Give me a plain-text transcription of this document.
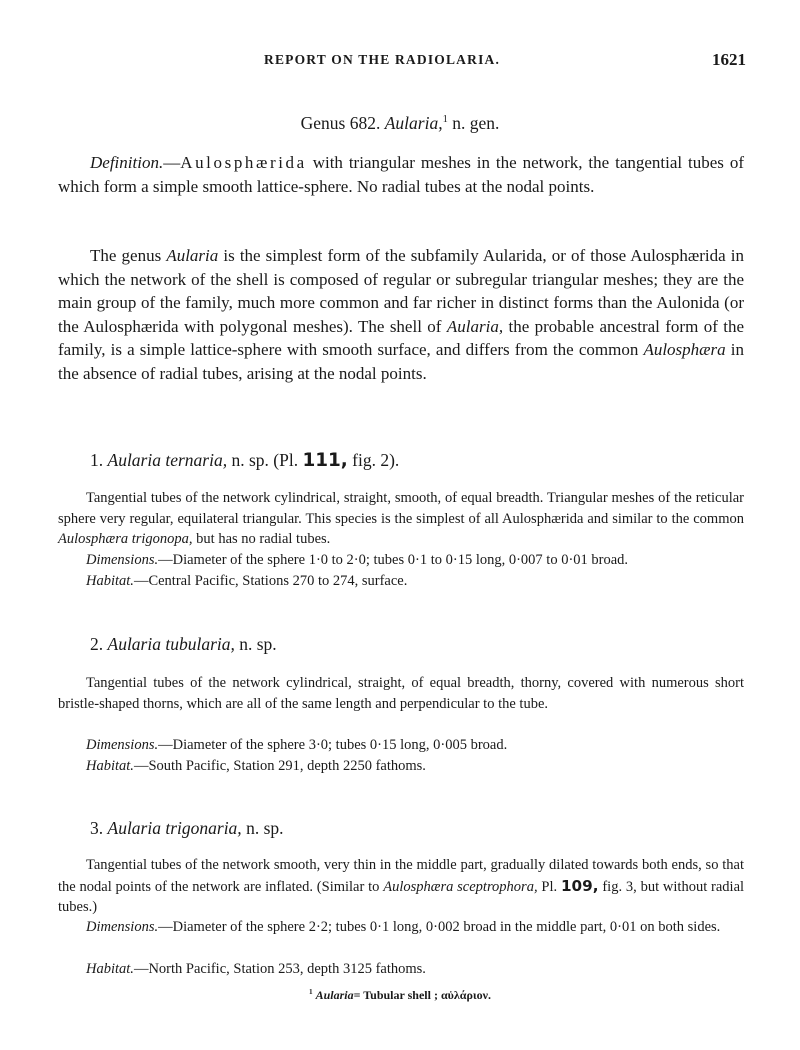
REPORT ON THE RADIOLARIA.	1621
Genus 682. Aularia,$^1$ n. gen.

Definition.—Aulosphærida with triangular meshes in the network, the tangential tubes of which form a simple smooth lattice-sphere. No radial tubes at the nodal points.

The genus Aularia is the simplest form of the subfamily Aularida, or of those Aulosphærida in which the network of the shell is composed of regular or subregular triangular meshes; they are the main group of the family, much more common and far richer in distinct forms than the Aulonida (or the Aulosphærida with polygonal meshes). The shell of Aularia, the probable ancestral form of the family, is a simple lattice-sphere with smooth surface, and differs from the common Aulosphæra in the absence of radial tubes, arising at the nodal points.

1. Aularia ternaria, n. sp. (Pl. 111, fig. 2).

Tangential tubes of the network cylindrical, straight, smooth, of equal breadth. Triangular meshes of the reticular sphere very regular, equilateral triangular. This species is the simplest of all Aulosphærida and similar to the common Aulosphæra trigonopa, but has no radial tubes.

Dimensions.—Diameter of the sphere 1·0 to 2·0; tubes 0·1 to 0·15 long, 0·007 to 0·01 broad.

Habitat.—Central Pacific, Stations 270 to 274, surface.

2. Aularia tubularia, n. sp.

Tangential tubes of the network cylindrical, straight, of equal breadth, thorny, covered with numerous short bristle-shaped thorns, which are all of the same length and perpendicular to the tube.

Dimensions.—Diameter of the sphere 3·0; tubes 0·15 long, 0·005 broad.

Habitat.—South Pacific, Station 291, depth 2250 fathoms.

3. Aularia trigonaria, n. sp.

Tangential tubes of the network smooth, very thin in the middle part, gradually dilated towards both ends, so that the nodal points of the network are inflated. (Similar to Aulosphæra sceptrophora, Pl. 109, fig. 3, but without radial tubes.)

Dimensions.—Diameter of the sphere 2·2; tubes 0·1 long, 0·002 broad in the middle part, 0·01 on both sides.

Habitat.—North Pacific, Station 253, depth 3125 fathoms.

$^1$ Aularia= Tubular shell ; αὐλάριον.
